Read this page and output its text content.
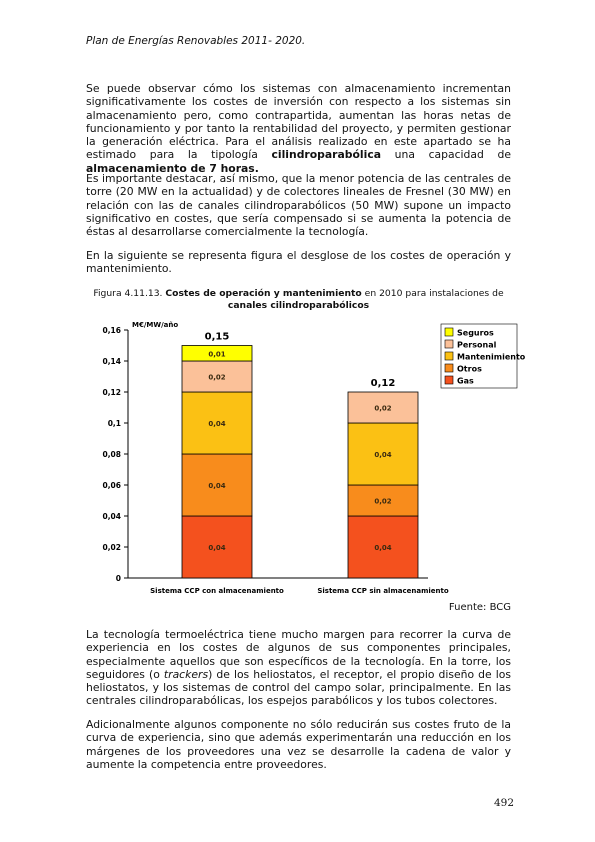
Plan de Energías Renovables 2011- 2020.
Se puede observar cómo los sistemas con almacenamiento incrementan significativamente los costes de inversión con respecto a los sistemas sin almacenamiento pero, como contrapartida, aumentan las horas netas de funcionamiento y por tanto la rentabilidad del proyecto, y permiten gestionar la generación eléctrica. Para el análisis realizado en este apartado se ha estimado para la tipología cilindroparabólica una capacidad de almacenamiento de 7 horas.
Es importante destacar, así mismo, que la menor potencia de las centrales de torre (20 MW en la actualidad) y de colectores lineales de Fresnel (30 MW) en relación con las de canales cilindroparabólicos (50 MW) supone un impacto significativo en costes, que sería compensado si se aumenta la potencia de éstas al desarrollarse comercialmente la tecnología.
En la siguiente se representa figura el desglose de los costes de operación y mantenimiento.
Figura 4.11.13. Costes de operación y mantenimiento en 2010 para instalaciones de canales cilindroparabólicos
0
0,02
0,04
0,06
0,08
0,1
0,12
0,14
0,16
M€/MW/año
0,04
0,04
0,04
0,02
0,01
0,15
Sistema CCP con almacenamiento
0,04
0,02
0,04
0,02
0,12
Sistema CCP sin almacenamiento
Seguros
Personal
Mantenimiento
Otros
Gas
Fuente: BCG
La tecnología termoeléctrica tiene mucho margen para recorrer la curva de experiencia en los costes de algunos de sus componentes principales, especialmente aquellos que son específicos de la tecnología. En la torre, los seguidores (o trackers) de los heliostatos, el receptor, el propio diseño de los heliostatos, y los sistemas de control del campo solar, principalmente. En las centrales cilindroparabólicas, los espejos parabólicos y los tubos colectores.
Adicionalmente algunos componente no sólo reducirán sus costes fruto de la curva de experiencia, sino que además experimentarán una reducción en los márgenes de los proveedores una vez se desarrolle la cadena de valor y aumente la competencia entre proveedores.
492
